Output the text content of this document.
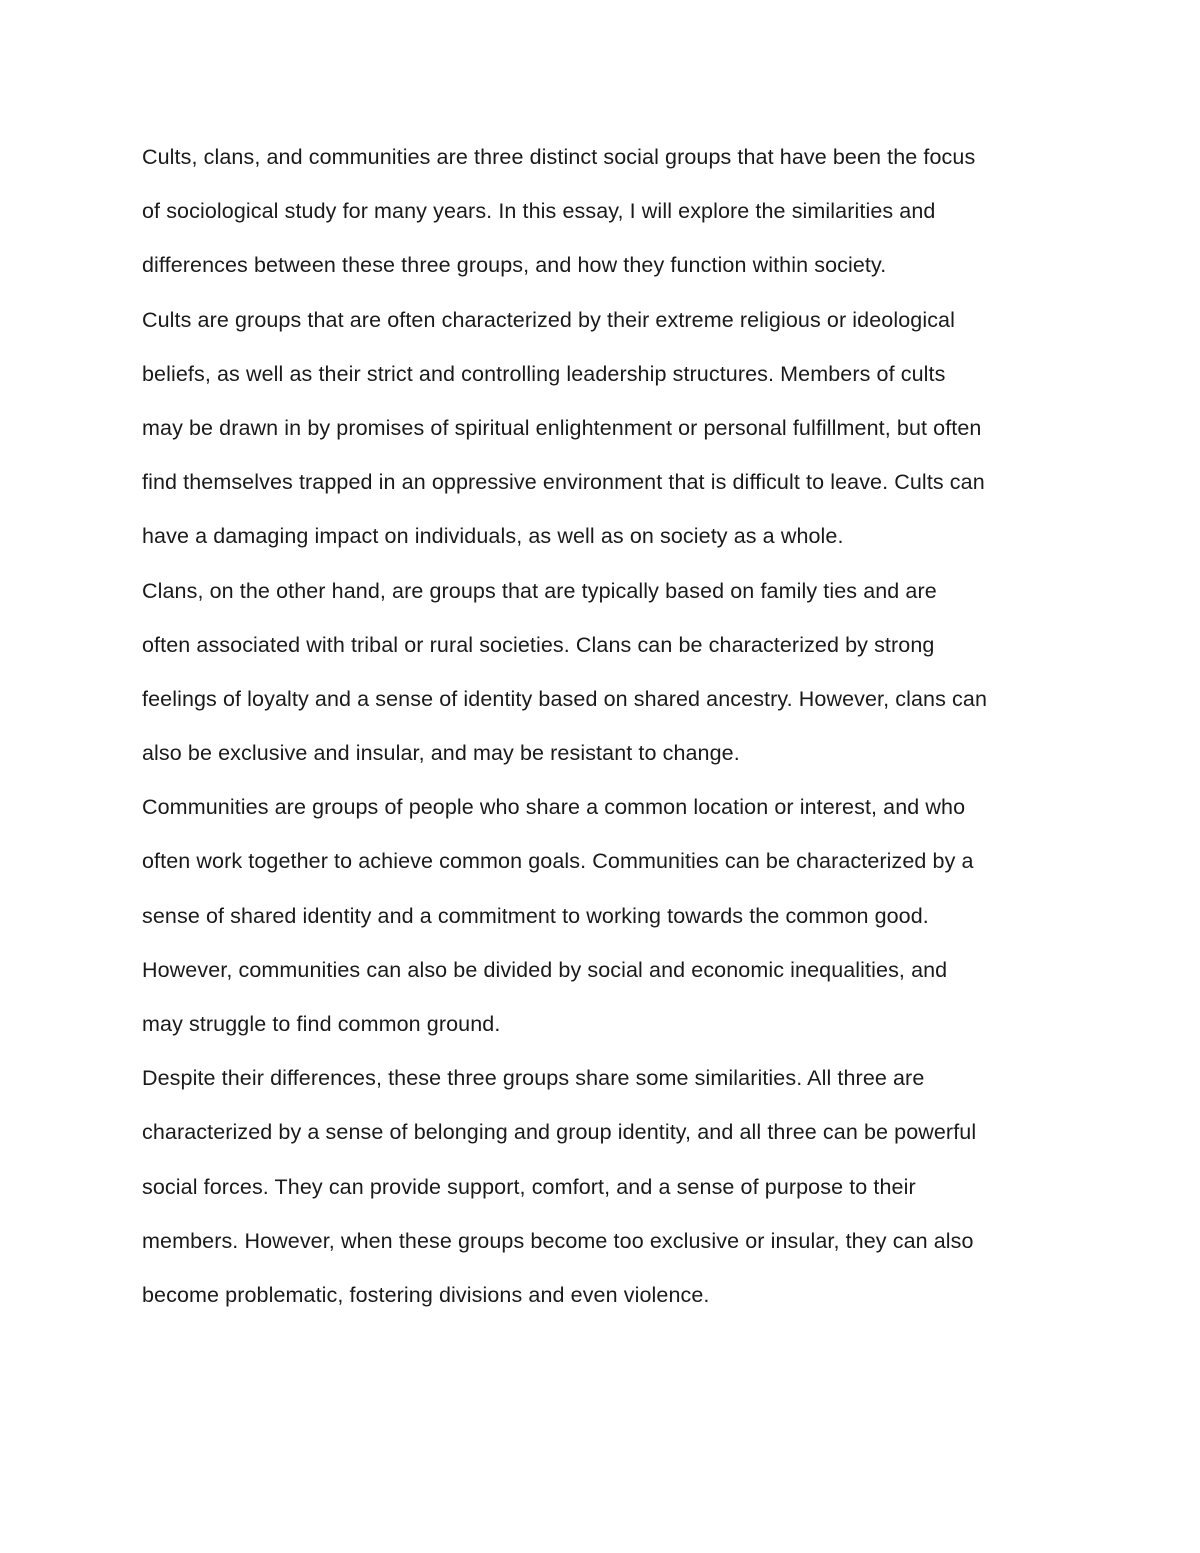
Cults, clans, and communities are three distinct social groups that have been the focus
of sociological study for many years. In this essay, I will explore the similarities and
differences between these three groups, and how they function within society.
Cults are groups that are often characterized by their extreme religious or ideological
beliefs, as well as their strict and controlling leadership structures. Members of cults
may be drawn in by promises of spiritual enlightenment or personal fulfillment, but often
find themselves trapped in an oppressive environment that is difficult to leave. Cults can
have a damaging impact on individuals, as well as on society as a whole.
Clans, on the other hand, are groups that are typically based on family ties and are
often associated with tribal or rural societies. Clans can be characterized by strong
feelings of loyalty and a sense of identity based on shared ancestry. However, clans can
also be exclusive and insular, and may be resistant to change.
Communities are groups of people who share a common location or interest, and who
often work together to achieve common goals. Communities can be characterized by a
sense of shared identity and a commitment to working towards the common good.
However, communities can also be divided by social and economic inequalities, and
may struggle to find common ground.
Despite their differences, these three groups share some similarities. All three are
characterized by a sense of belonging and group identity, and all three can be powerful
social forces. They can provide support, comfort, and a sense of purpose to their
members. However, when these groups become too exclusive or insular, they can also
become problematic, fostering divisions and even violence.
